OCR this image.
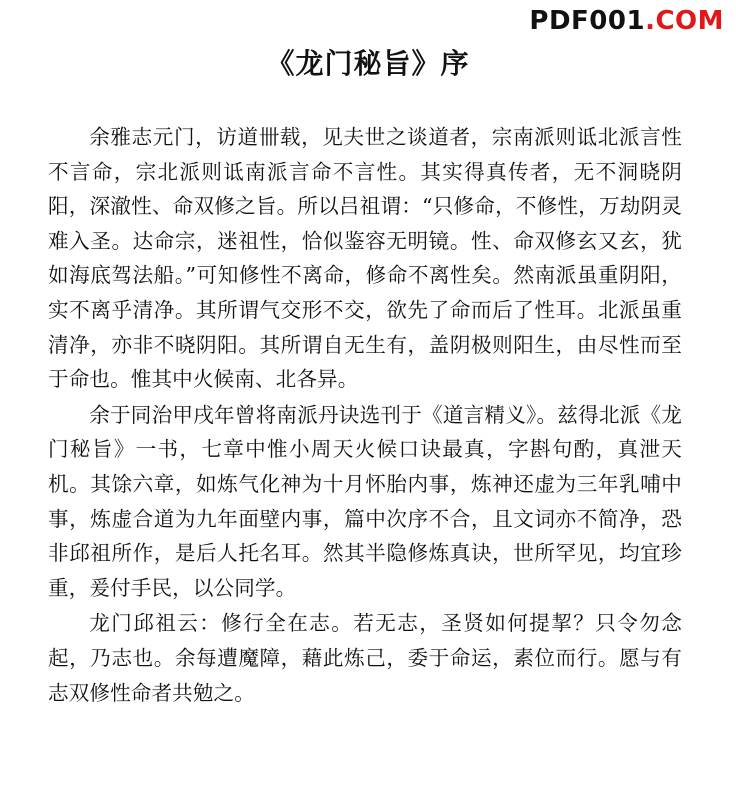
PDF001.COM
《龙门秘旨》序

余雅志元门，访道卌载，见夫世之谈道者，宗南派则诋北派言性不言命，宗北派则诋南派言命不言性。其实得真传者，无不洞晓阴阳，深澈性、命双修之旨。所以吕祖谓：“只修命，不修性，万劫阴灵难入圣。达命宗，迷祖性，恰似鉴容无明镜。性、命双修玄又玄，犹如海底驾法船。”可知修性不离命，修命不离性矣。然南派虽重阴阳，实不离乎清净。其所谓气交形不交，欲先了命而后了性耳。北派虽重清净，亦非不晓阴阳。其所谓自无生有，盖阴极则阳生，由尽性而至于命也。惟其中火候南、北各异。

余于同治甲戌年曾将南派丹诀选刊于《道言精义》。兹得北派《龙门秘旨》一书，七章中惟小周天火候口诀最真，字斟句酌，真泄天机。其馀六章，如炼气化神为十月怀胎内事，炼神还虚为三年乳哺中事，炼虚合道为九年面壁内事，篇中次序不合，且文词亦不简净，恐非邱祖所作，是后人托名耳。然其半隐修炼真诀，世所罕见，均宜珍重，爰付手民，以公同学。

龙门邱祖云：修行全在志。若无志，圣贤如何提挈？只令勿念起，乃志也。余每遭魔障，藉此炼己，委于命运，素位而行。愿与有志双修性命者共勉之。
